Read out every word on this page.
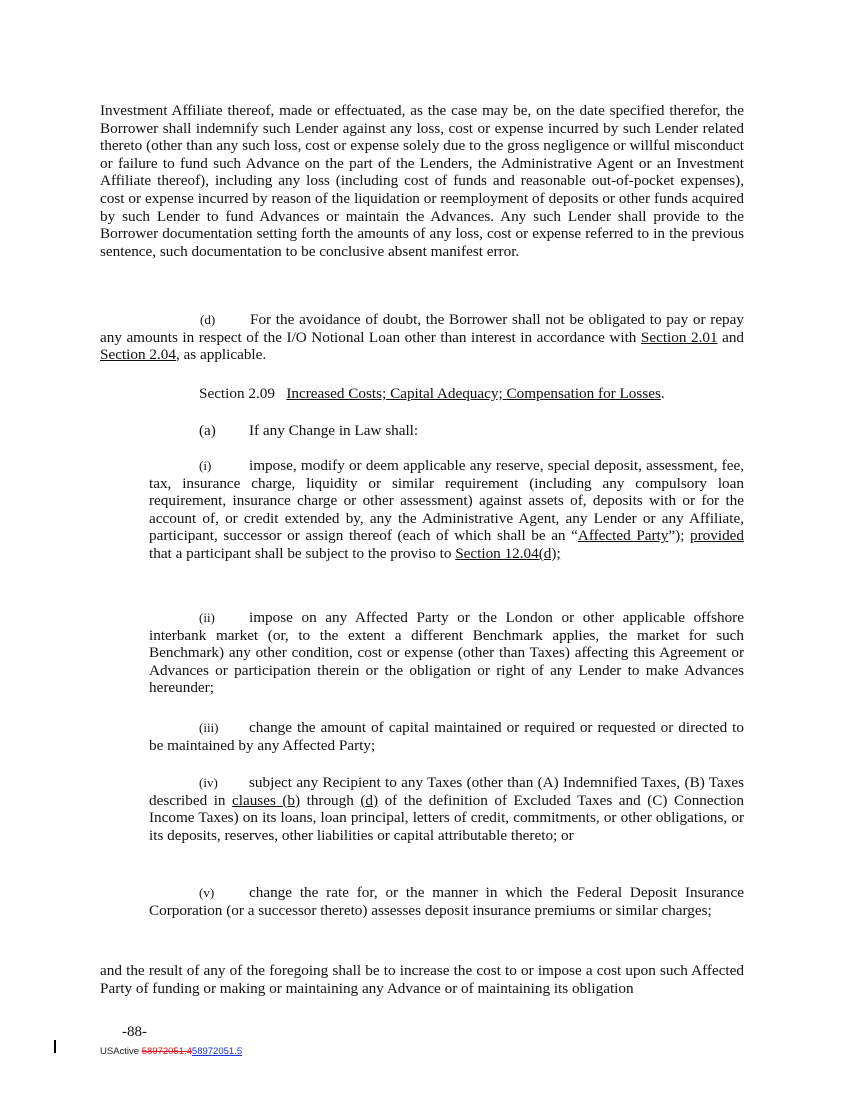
Investment Affiliate thereof, made or effectuated, as the case may be, on the date specified therefor, the Borrower shall indemnify such Lender against any loss, cost or expense incurred by such Lender related thereto (other than any such loss, cost or expense solely due to the gross negligence or willful misconduct or failure to fund such Advance on the part of the Lenders, the Administrative Agent or an Investment Affiliate thereof), including any loss (including cost of funds and reasonable out-of-pocket expenses), cost or expense incurred by reason of the liquidation or reemployment of deposits or other funds acquired by such Lender to fund Advances or maintain the Advances. Any such Lender shall provide to the Borrower documentation setting forth the amounts of any loss, cost or expense referred to in the previous sentence, such documentation to be conclusive absent manifest error.

(d) For the avoidance of doubt, the Borrower shall not be obligated to pay or repay any amounts in respect of the I/O Notional Loan other than interest in accordance with Section 2.01 and Section 2.04, as applicable.

Section 2.09 Increased Costs; Capital Adequacy; Compensation for Losses.

(a) If any Change in Law shall:

(i) impose, modify or deem applicable any reserve, special deposit, assessment, fee, tax, insurance charge, liquidity or similar requirement (including any compulsory loan requirement, insurance charge or other assessment) against assets of, deposits with or for the account of, or credit extended by, any the Administrative Agent, any Lender or any Affiliate, participant, successor or assign thereof (each of which shall be an “Affected Party”); provided that a participant shall be subject to the proviso to Section 12.04(d);

(ii) impose on any Affected Party or the London or other applicable offshore interbank market (or, to the extent a different Benchmark applies, the market for such Benchmark) any other condition, cost or expense (other than Taxes) affecting this Agreement or Advances or participation therein or the obligation or right of any Lender to make Advances hereunder;

(iii) change the amount of capital maintained or required or requested or directed to be maintained by any Affected Party;

(iv) subject any Recipient to any Taxes (other than (A) Indemnified Taxes, (B) Taxes described in clauses (b) through (d) of the definition of Excluded Taxes and (C) Connection Income Taxes) on its loans, loan principal, letters of credit, commitments, or other obligations, or its deposits, reserves, other liabilities or capital attributable thereto; or

(v) change the rate for, or the manner in which the Federal Deposit Insurance Corporation (or a successor thereto) assesses deposit insurance premiums or similar charges;

and the result of any of the foregoing shall be to increase the cost to or impose a cost upon such Affected Party of funding or making or maintaining any Advance or of maintaining its obligation

-88-
USActive 58972051.458972051.5
